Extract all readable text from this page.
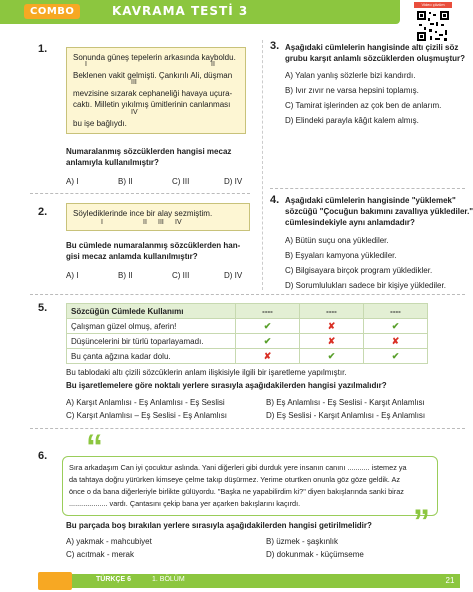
COMBO	KAVRAMA TESTİ 3	Video çözüm
1.
Sonunda güneş tepelerin arkasında kayboldu.
I	II
Beklenen vakit gelmişti. Çankırılı Ali, düşman
III
mevzisine sızarak cephaneliği havaya uçura-
caktı. Milletin yıkılmış ümitlerinin canlanması
IV
bu işe bağlıydı.
Numaralanmış sözcüklerden hangisi mecaz
anlamıyla kullanılmıştır?
A) I	B) II	C) III	D) IV
2.	Söylediklerinde ince bir alay sezmiştim.
I	II III IV
Bu cümlede numaralanmış sözcüklerden han-
gisi mecaz anlamda kullanılmıştır?
A) I	B) II	C) III	D) IV
3. Aşağıdaki cümlelerin hangisinde altı çizili söz
grubu karşıt anlamlı sözcüklerden oluşmuştur?
A) Yalan yanlış sözlerle bizi kandırdı.
B) Ivır zıvır ne varsa hepsini toplamış.
C) Tamirat işlerinden az çok ben de anlarım.
D) Elindeki parayla kâğıt kalem almış.
4. Aşağıdaki cümlelerin hangisinde "yüklemek"
sözcüğü "Çocuğun bakımını zavallıya yüklediler."
cümlesindekiyle aynı anlamdadır?
A) Bütün suçu ona yüklediler.
B) Eşyaları kamyona yüklediler.
C) Bilgisayara birçok program yükledikler.
D) Sorumlulukları sadece bir kişiye yüklediler.
5.	Sözcüğün Cümlede Kullanımı	----	----	----
Çalışman güzel olmuş, aferin!	✔	✘	✔
Düşüncelerini bir türlü toparlayamadı.	✔	✘	✘
Bu çanta ağzına kadar dolu.	✘	✔	✔
Bu tablodaki altı çizili sözcüklerin anlam ilişkisiyle ilgili bir işaretleme yapılmıştır.
Bu işaretlemelere göre noktalı yerlere sırasıyla aşağıdakilerden hangisi yazılmalıdır?
A) Karşıt Anlamlısı - Eş Anlamlısı - Eş Seslisi	B) Eş Anlamlısı - Eş Seslisi - Karşıt Anlamlısı
C) Karşıt Anlamlısı – Eş Seslisi - Eş Anlamlısı	D) Eş Seslisi - Karşıt Anlamlısı - Eş Anlamlısı
6. “
Sıra arkadaşım Can iyi çocuktur aslında. Yani diğerleri gibi durduk yere insanın canını ........... istemez ya
da tahtaya doğru yürürken kimseye çelme takıp düşürmez. Yerime oturtken onunla göz göze geldik. Az
önce o da bana diğerleriyle birlikte gülüyordu. "Başka ne yapabilirdim ki?" diyen bakışlarında sanki biraz
................... vardı. Çantasını çekip bana yer açarken bakışlarını kaçırdı.	”
Bu parçada boş bırakılan yerlere sırasıyla aşağıdakilerden hangisi getirilmelidir?
A) yakmak - mahcubiyet	B) üzmek - şaşkınlık
C) acıtmak - merak	D) dokunmak - küçümseme
TÜRKÇE 6	1. BÖLÜM	21
